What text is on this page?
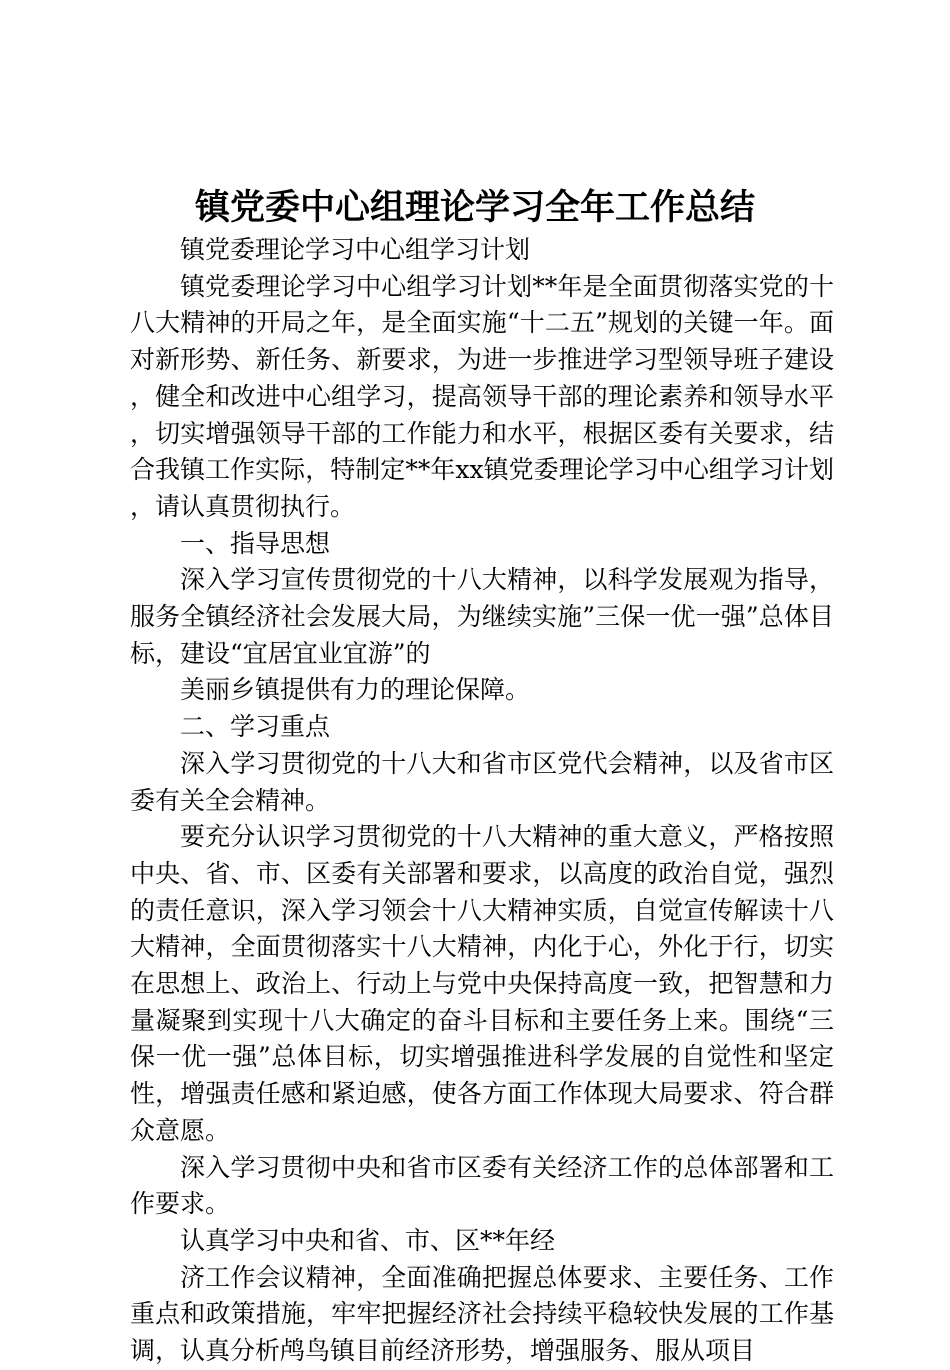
镇党委中心组理论学习全年工作总结

镇党委理论学习中心组学习计划

镇党委理论学习中心组学习计划**年是全面贯彻落实党的十八大精神的开局之年，是全面实施“十二五”规划的关键一年。面对新形势、新任务、新要求，为进一步推进学习型领导班子建设，健全和改进中心组学习，提高领导干部的理论素养和领导水平，切实增强领导干部的工作能力和水平，根据区委有关要求，结合我镇工作实际，特制定**年xx镇党委理论学习中心组学习计划，请认真贯彻执行。

一、指导思想

深入学习宣传贯彻党的十八大精神，以科学发展观为指导，服务全镇经济社会发展大局，为继续实施”三保一优一强”总体目标，建设“宜居宜业宜游”的

美丽乡镇提供有力的理论保障。

二、学习重点

深入学习贯彻党的十八大和省市区党代会精神，以及省市区委有关全会精神。

要充分认识学习贯彻党的十八大精神的重大意义，严格按照中央、省、市、区委有关部署和要求，以高度的政治自觉，强烈的责任意识，深入学习领会十八大精神实质，自觉宣传解读十八大精神，全面贯彻落实十八大精神，内化于心，外化于行，切实在思想上、政治上、行动上与党中央保持高度一致，把智慧和力量凝聚到实现十八大确定的奋斗目标和主要任务上来。围绕“三保一优一强”总体目标，切实增强推进科学发展的自觉性和坚定性，增强责任感和紧迫感，使各方面工作体现大局要求、符合群众意愿。

深入学习贯彻中央和省市区委有关经济工作的总体部署和工作要求。

认真学习中央和省、市、区**年经

济工作会议精神，全面准确把握总体要求、主要任务、工作重点和政策措施，牢牢把握经济社会持续平稳较快发展的工作基调，认真分析鸬鸟镇目前经济形势，增强服务、服从项目
